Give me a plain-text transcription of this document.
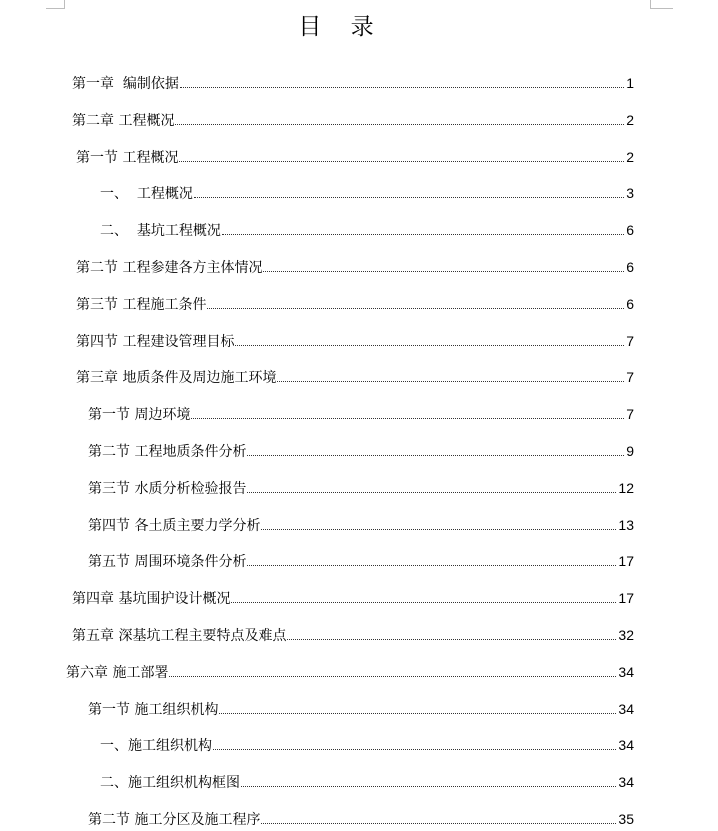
目    录
第一章  编制依据	1
第二章 工程概况	2
第一节 工程概况	2
一、  工程概况	3
二、  基坑工程概况	6
第二节 工程参建各方主体情况	6
第三节 工程施工条件	6
第四节 工程建设管理目标	7
第三章 地质条件及周边施工环境	7
第一节 周边环境	7
第二节 工程地质条件分析	9
第三节 水质分析检验报告	12
第四节 各土质主要力学分析	13
第五节 周围环境条件分析	17
第四章 基坑围护设计概况	17
第五章 深基坑工程主要特点及难点	32
第六章 施工部署	34
第一节 施工组织机构	34
一、施工组织机构	34
二、施工组织机构框图	34
第二节 施工分区及施工程序	35
